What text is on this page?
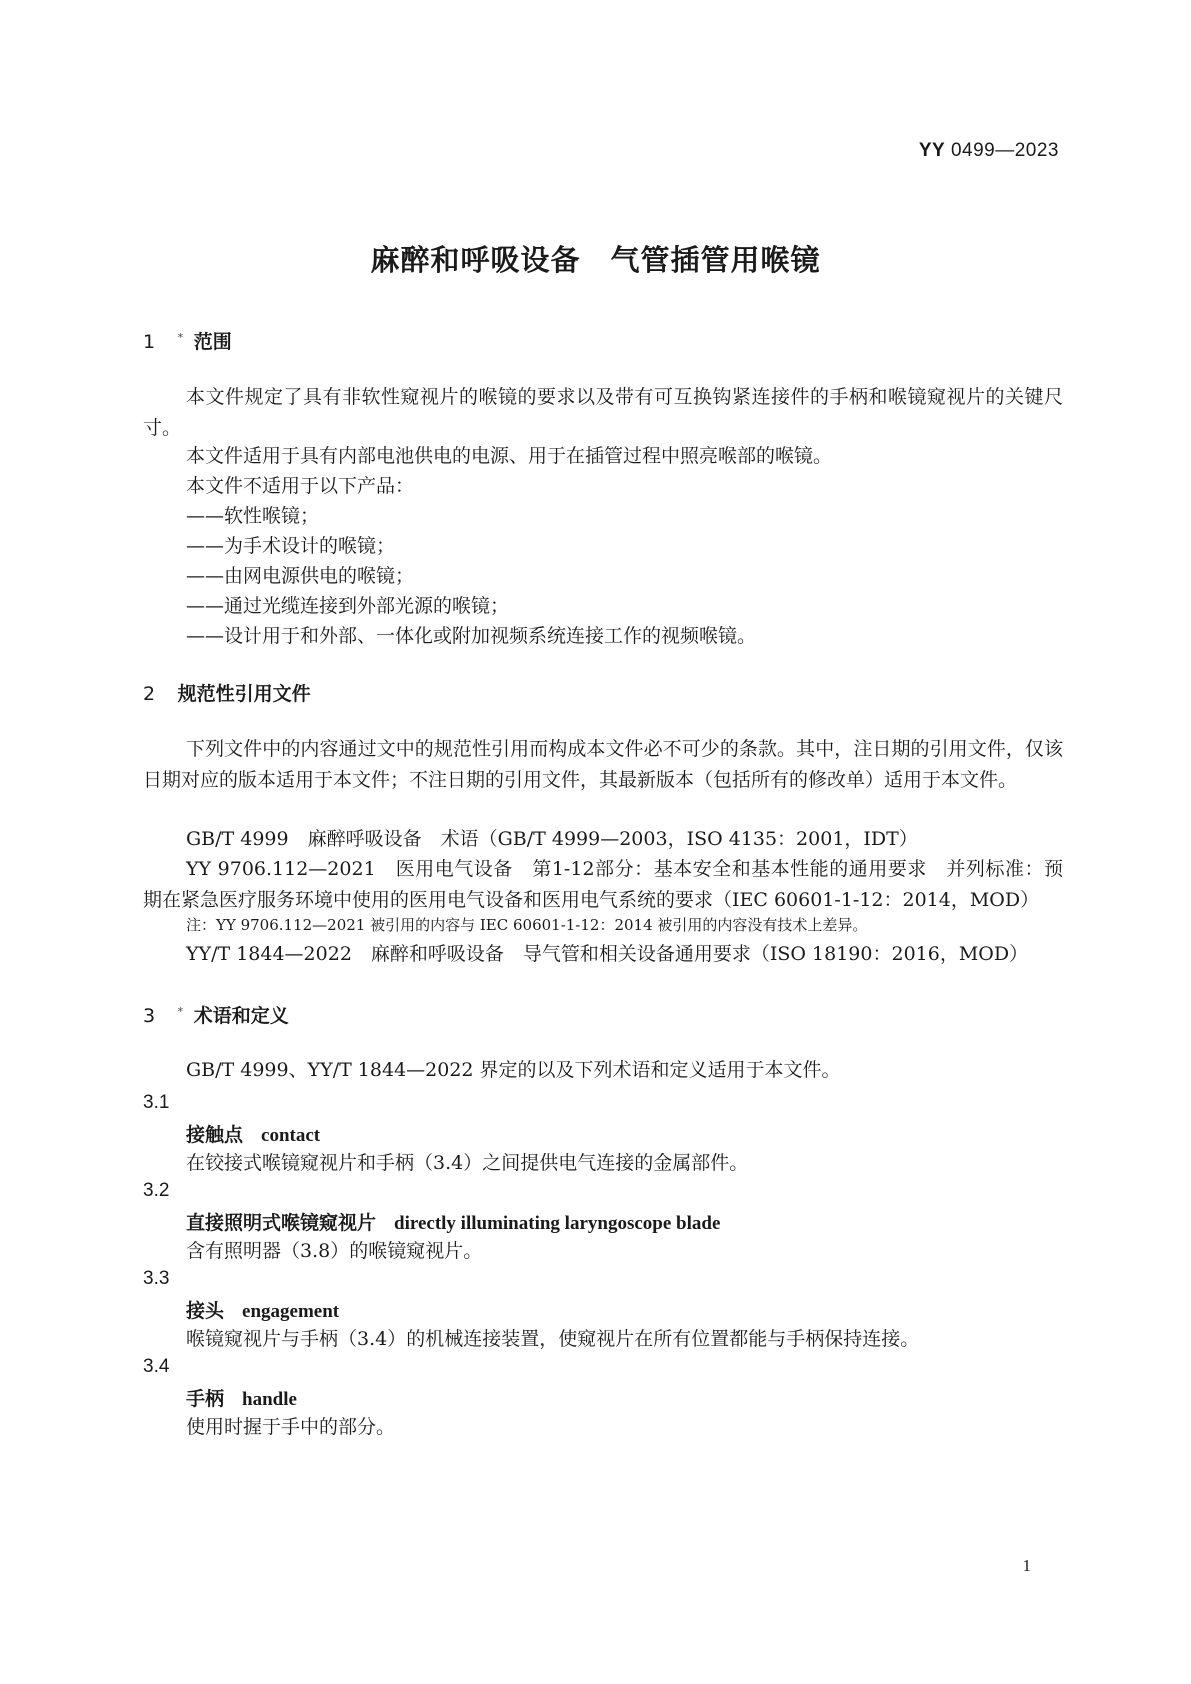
YY 0499—2023
麻醉和呼吸设备　气管插管用喉镜
1 * 范围
本文件规定了具有非软性窥视片的喉镜的要求以及带有可互换钩紧连接件的手柄和喉镜窥视片的关键尺寸。
本文件适用于具有内部电池供电的电源、用于在插管过程中照亮喉部的喉镜。
本文件不适用于以下产品：
——软性喉镜；
——为手术设计的喉镜；
——由网电源供电的喉镜；
——通过光缆连接到外部光源的喉镜；
——设计用于和外部、一体化或附加视频系统连接工作的视频喉镜。
2 规范性引用文件
下列文件中的内容通过文中的规范性引用而构成本文件必不可少的条款。其中，注日期的引用文件，仅该日期对应的版本适用于本文件；不注日期的引用文件，其最新版本（包括所有的修改单）适用于本文件。
GB/T 4999　麻醉呼吸设备　术语（GB/T 4999—2003，ISO 4135：2001，IDT）
YY 9706.112—2021　医用电气设备　第1-12部分：基本安全和基本性能的通用要求　并列标准：预期在紧急医疗服务环境中使用的医用电气设备和医用电气系统的要求（IEC 60601-1-12：2014，MOD）
注：YY 9706.112—2021 被引用的内容与 IEC 60601-1-12：2014 被引用的内容没有技术上差异。
YY/T 1844—2022　麻醉和呼吸设备　导气管和相关设备通用要求（ISO 18190：2016，MOD）
3 * 术语和定义
GB/T 4999、YY/T 1844—2022 界定的以及下列术语和定义适用于本文件。
3.1
接触点 contact
在铰接式喉镜窥视片和手柄（3.4）之间提供电气连接的金属部件。
3.2
直接照明式喉镜窥视片 directly illuminating laryngoscope blade
含有照明器（3.8）的喉镜窥视片。
3.3
接头 engagement
喉镜窥视片与手柄（3.4）的机械连接装置，使窥视片在所有位置都能与手柄保持连接。
3.4
手柄 handle
使用时握于手中的部分。
1
